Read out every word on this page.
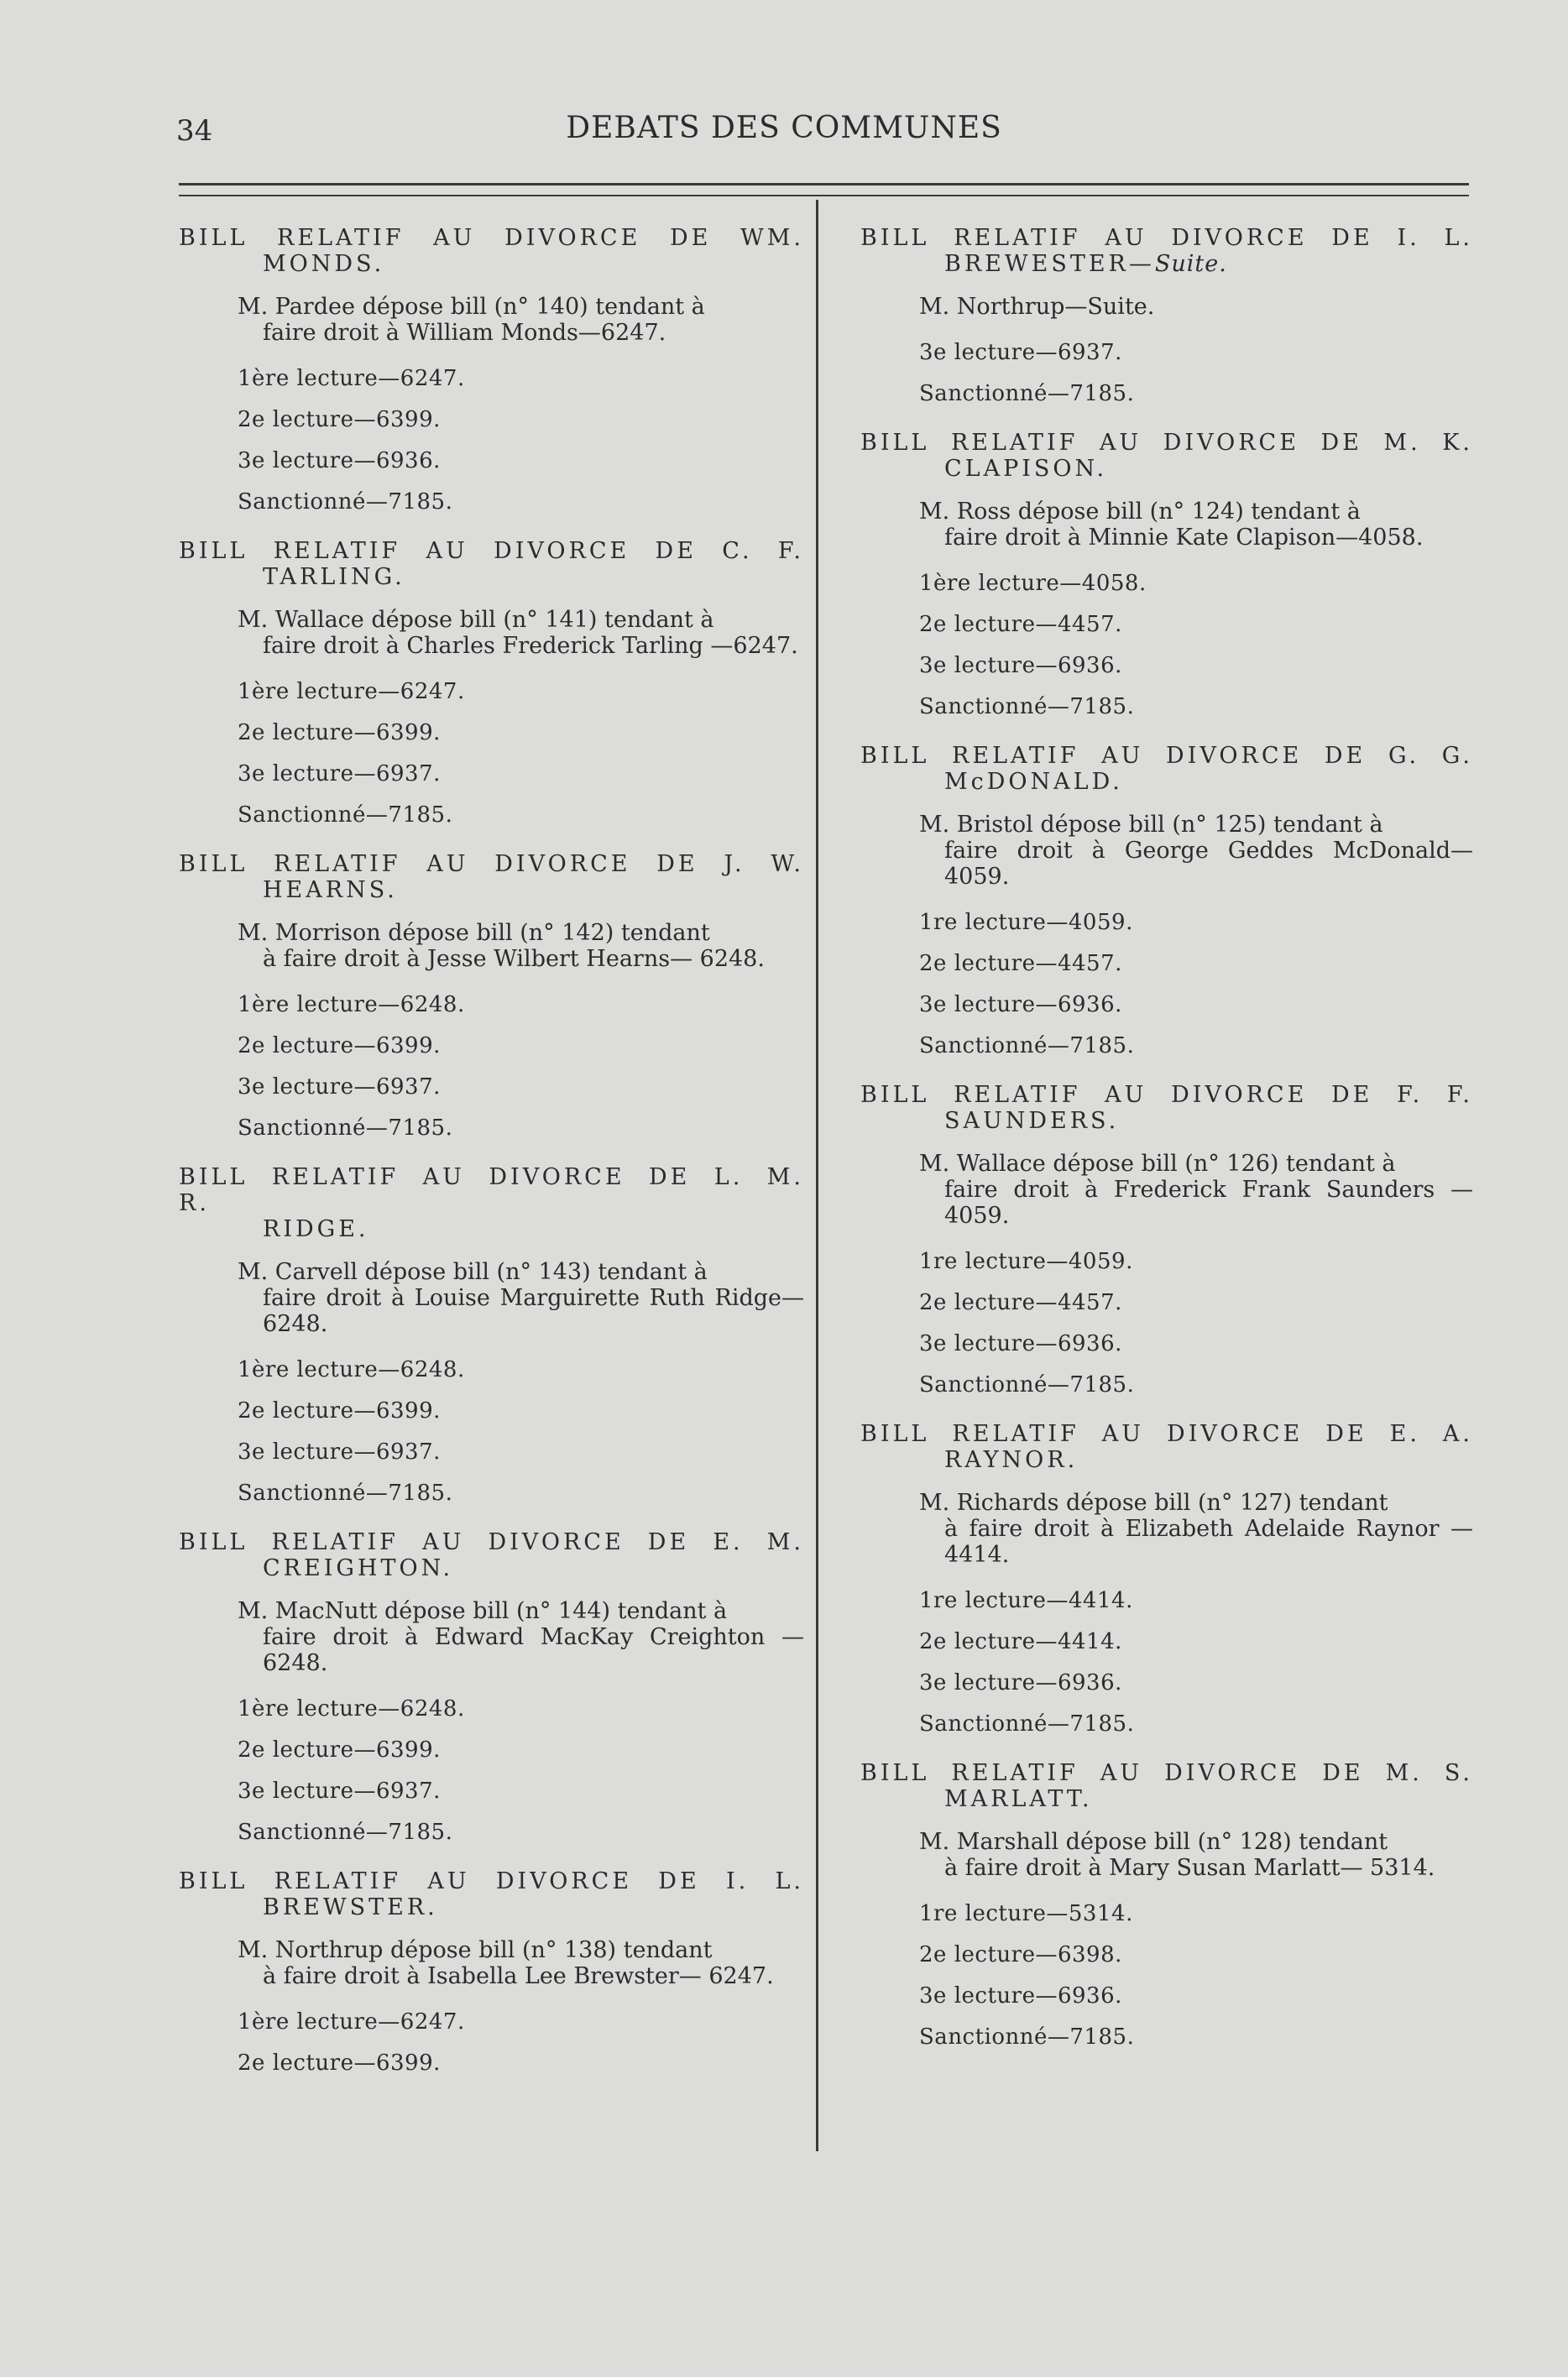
34	DEBATS DES COMMUNES
BILL RELATIF AU DIVORCE DE WM.
MONDS.
M. Pardee dépose bill (n° 140) tendant à
faire droit à William Monds—6247.
1ère lecture—6247.
2e lecture—6399.
3e lecture—6936.
Sanctionné—7185.
BILL RELATIF AU DIVORCE DE C. F.
TARLING.
M. Wallace dépose bill (n° 141) tendant à
faire droit à Charles Frederick Tarling —6247.
1ère lecture—6247.
2e lecture—6399.
3e lecture—6937.
Sanctionné—7185.
BILL RELATIF AU DIVORCE DE J. W.
HEARNS.
M. Morrison dépose bill (n° 142) tendant
à faire droit à Jesse Wilbert Hearns— 6248.
1ère lecture—6248.
2e lecture—6399.
3e lecture—6937.
Sanctionné—7185.
BILL RELATIF AU DIVORCE DE L. M. R.
RIDGE.
M. Carvell dépose bill (n° 143) tendant à
faire droit à Louise Marguirette Ruth Ridge—6248.
1ère lecture—6248.
2e lecture—6399.
3e lecture—6937.
Sanctionné—7185.
BILL RELATIF AU DIVORCE DE E. M.
CREIGHTON.
M. MacNutt dépose bill (n° 144) tendant à
faire droit à Edward MacKay Creighton —6248.
1ère lecture—6248.
2e lecture—6399.
3e lecture—6937.
Sanctionné—7185.
BILL RELATIF AU DIVORCE DE I. L.
BREWSTER.
M. Northrup dépose bill (n° 138) tendant
à faire droit à Isabella Lee Brewster— 6247.
1ère lecture—6247.
2e lecture—6399.
BILL RELATIF AU DIVORCE DE I. L.
BREWESTER—Suite.
M. Northrup—Suite.
3e lecture—6937.
Sanctionné—7185.
BILL RELATIF AU DIVORCE DE M. K.
CLAPISON.
M. Ross dépose bill (n° 124) tendant à
faire droit à Minnie Kate Clapison—4058.
1ère lecture—4058.
2e lecture—4457.
3e lecture—6936.
Sanctionné—7185.
BILL RELATIF AU DIVORCE DE G. G.
McDONALD.
M. Bristol dépose bill (n° 125) tendant à
faire droit à George Geddes McDonald— 4059.
1re lecture—4059.
2e lecture—4457.
3e lecture—6936.
Sanctionné—7185.
BILL RELATIF AU DIVORCE DE F. F.
SAUNDERS.
M. Wallace dépose bill (n° 126) tendant à
faire droit à Frederick Frank Saunders —4059.
1re lecture—4059.
2e lecture—4457.
3e lecture—6936.
Sanctionné—7185.
BILL RELATIF AU DIVORCE DE E. A.
RAYNOR.
M. Richards dépose bill (n° 127) tendant
à faire droit à Elizabeth Adelaide Raynor —4414.
1re lecture—4414.
2e lecture—4414.
3e lecture—6936.
Sanctionné—7185.
BILL RELATIF AU DIVORCE DE M. S.
MARLATT.
M. Marshall dépose bill (n° 128) tendant
à faire droit à Mary Susan Marlatt— 5314.
1re lecture—5314.
2e lecture—6398.
3e lecture—6936.
Sanctionné—7185.
